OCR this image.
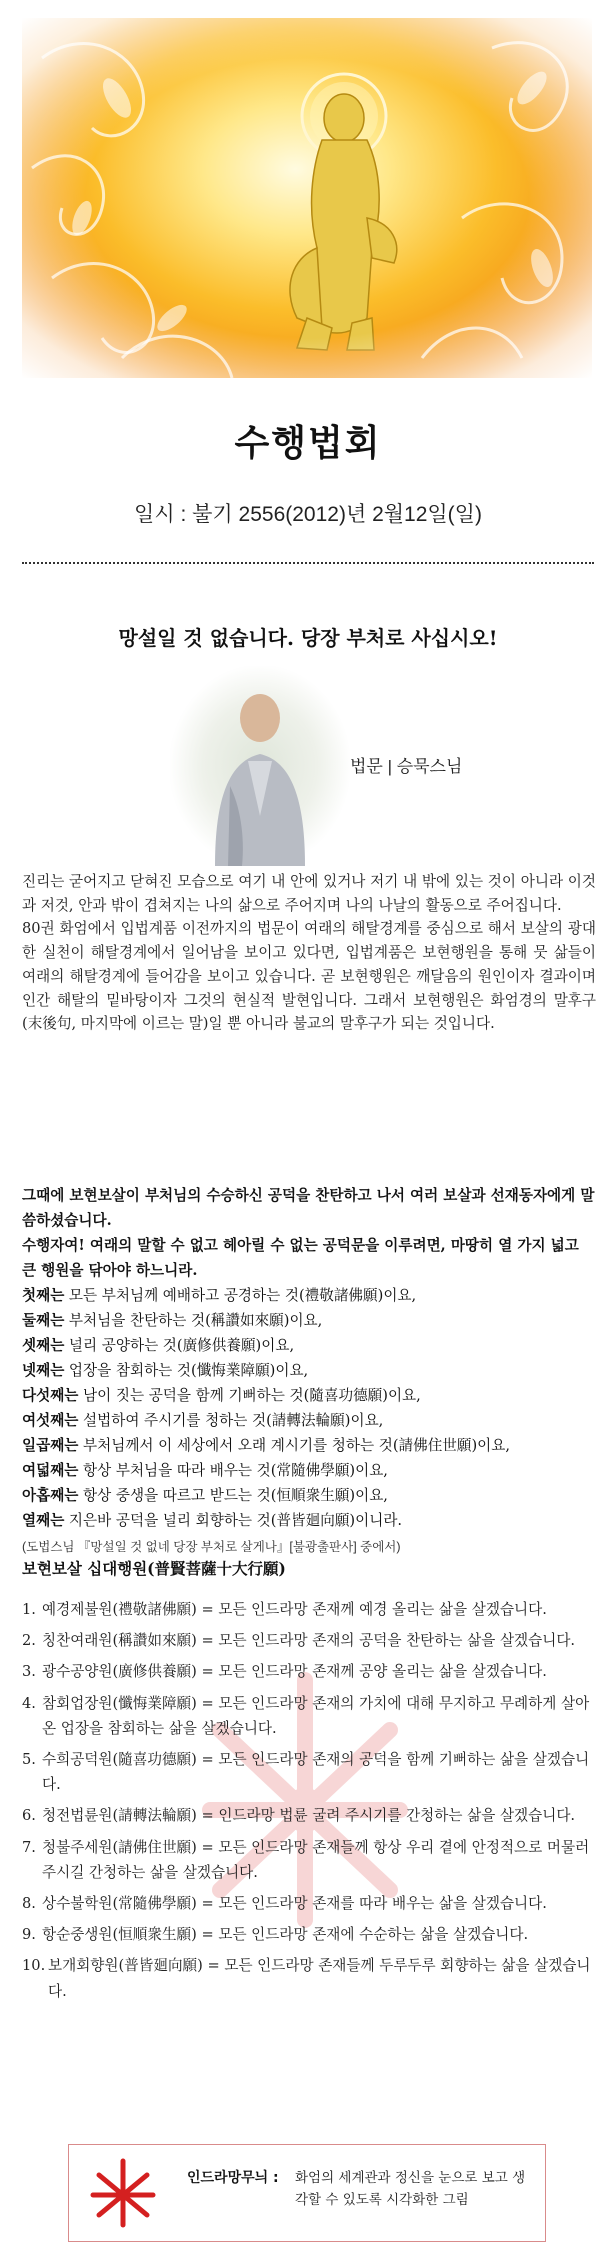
수행법회
일시 : 불기 2556(2012)년 2월12일(일)
망설일 것 없습니다. 당장 부처로 사십시오!
법문 | 승묵스님

진리는 굳어지고 닫혀진 모습으로 여기 내 안에 있거나 저기 내 밖에 있는 것이 아니라 이것과 저것, 안과 밖이 겹쳐지는 나의 삶으로 주어지며 나의 나날의 활동으로 주어집니다.

80권 화엄에서 입법계품 이전까지의 법문이 여래의 해탈경계를 중심으로 해서 보살의 광대한 실천이 해탈경계에서 일어남을 보이고 있다면, 입법계품은 보현행원을 통해 뭇 삶들이 여래의 해탈경계에 들어감을 보이고 있습니다. 곧 보현행원은 깨달음의 원인이자 결과이며 인간 해탈의 밑바탕이자 그것의 현실적 발현입니다. 그래서 보현행원은 화엄경의 말후구(末後句, 마지막에 이르는 말)일 뿐 아니라 불교의 말후구가 되는 것입니다.

그때에 보현보살이 부처님의 수승하신 공덕을 찬탄하고 나서 여러 보살과 선재동자에게 말씀하셨습니다.

수행자여! 여래의 말할 수 없고 헤아릴 수 없는 공덕문을 이루려면, 마땅히 열 가지 넓고 큰 행원을 닦아야 하느니라.

첫째는 모든 부처님께 예배하고 공경하는 것(禮敬諸佛願)이요,

둘째는 부처님을 찬탄하는 것(稱讚如來願)이요,

셋째는 널리 공양하는 것(廣修供養願)이요,

넷째는 업장을 참회하는 것(懺悔業障願)이요,

다섯째는 남이 짓는 공덕을 함께 기뻐하는 것(隨喜功德願)이요,

여섯째는 설법하여 주시기를 청하는 것(請轉法輪願)이요,

일곱째는 부처님께서 이 세상에서 오래 계시기를 청하는 것(請佛住世願)이요,

여덟째는 항상 부처님을 따라 배우는 것(常隨佛學願)이요,

아홉째는 항상 중생을 따르고 받드는 것(恒順衆生願)이요,

열째는 지은바 공덕을 널리 회향하는 것(普皆廻向願)이니라.

(도법스님 『망설일 것 없네 당장 부처로 살게나』[불광출판사] 중에서)

보현보살 십대행원(普賢菩薩十大行願)
1. 예경제불원(禮敬諸佛願) = 모든 인드라망 존재께 예경 올리는 삶을 살겠습니다.
2. 칭찬여래원(稱讚如來願) = 모든 인드라망 존재의 공덕을 찬탄하는 삶을 살겠습니다.
3. 광수공양원(廣修供養願) = 모든 인드라망 존재께 공양 올리는 삶을 살겠습니다.
4. 참회업장원(懺悔業障願) = 모든 인드라망 존재의 가치에 대해 무지하고 무례하게 살아온 업장을 참회하는 삶을 살겠습니다.
5. 수희공덕원(隨喜功德願) = 모든 인드라망 존재의 공덕을 함께 기뻐하는 삶을 살겠습니다.
6. 청전법륜원(請轉法輪願) = 인드라망 법륜 굴려 주시기를 간청하는 삶을 살겠습니다.
7. 청불주세원(請佛住世願) = 모든 인드라망 존재들께 항상 우리 곁에 안정적으로 머물러 주시길 간청하는 삶을 살겠습니다.
8. 상수불학원(常隨佛學願) = 모든 인드라망 존재를 따라 배우는 삶을 살겠습니다.
9. 항순중생원(恒順衆生願) = 모든 인드라망 존재에 수순하는 삶을 살겠습니다.
10. 보개회향원(普皆廻向願) = 모든 인드라망 존재들께 두루두루 회향하는 삶을 살겠습니다.
인드라망무늬 : 화엄의 세계관과 정신을 눈으로 보고 생각할 수 있도록 시각화한 그림
